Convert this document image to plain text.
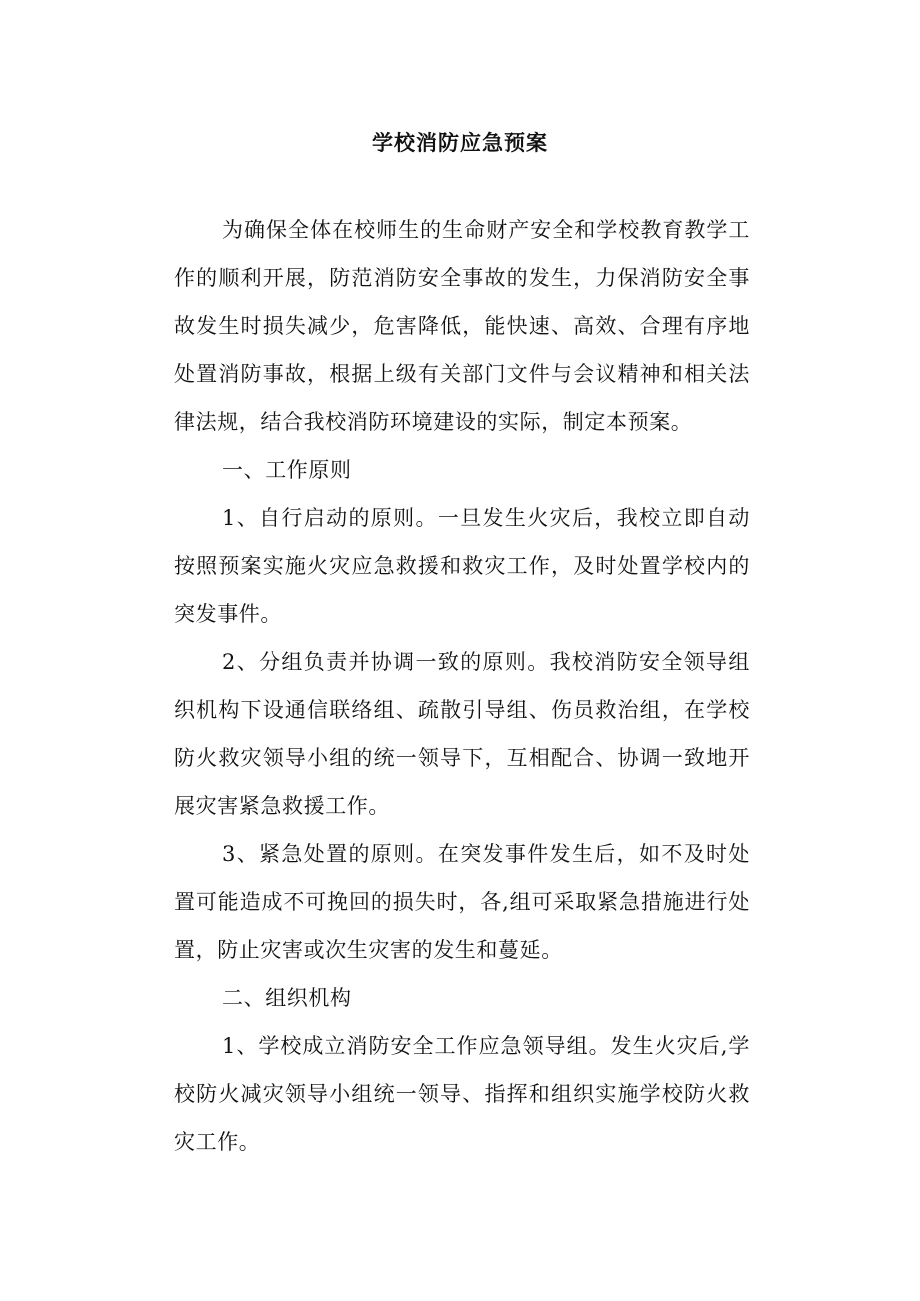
学校消防应急预案

为确保全体在校师生的生命财产安全和学校教育教学工作的顺利开展，防范消防安全事故的发生，力保消防安全事故发生时损失减少，危害降低，能快速、高效、合理有序地处置消防事故，根据上级有关部门文件与会议精神和相关法律法规，结合我校消防环境建设的实际，制定本预案。

一、工作原则

1、自行启动的原则。一旦发生火灾后，我校立即自动按照预案实施火灾应急救援和救灾工作，及时处置学校内的突发事件。

2、分组负责并协调一致的原则。我校消防安全领导组织机构下设通信联络组、疏散引导组、伤员救治组，在学校防火救灾领导小组的统一领导下，互相配合、协调一致地开展灾害紧急救援工作。

3、紧急处置的原则。在突发事件发生后，如不及时处置可能造成不可挽回的损失时，各,组可采取紧急措施进行处置，防止灾害或次生灾害的发生和蔓延。

二、组织机构

1、学校成立消防安全工作应急领导组。发生火灾后,学校防火减灾领导小组统一领导、指挥和组织实施学校防火救灾工作。
